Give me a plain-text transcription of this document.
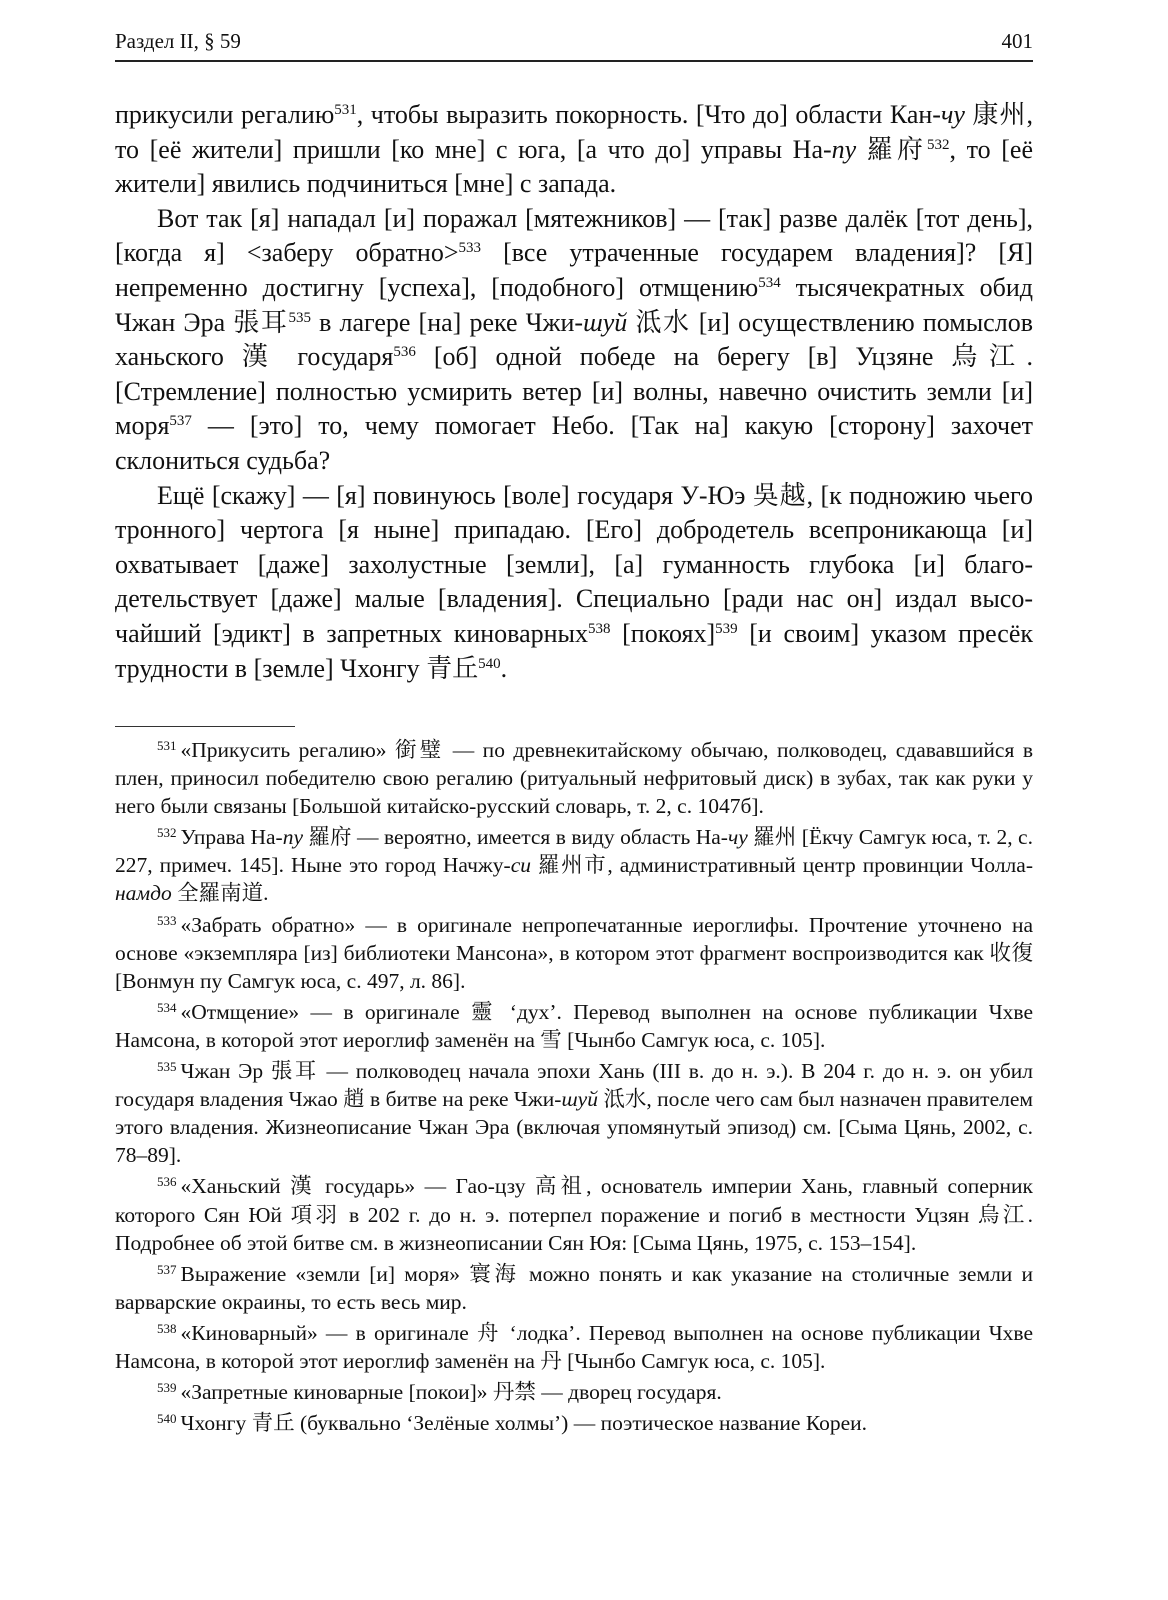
Раздел II, § 59	401

прикусили регалию$^{531}$, чтобы выразить покорность. [Что до] области Кан-чу 康州, то [её жители] пришли [ко мне] с юга, [а что до] управы На-пу 羅府$^{532}$, то [её жители] явились подчиниться [мне] с запада.

Вот так [я] нападал [и] поражал [мятежников] — [так] разве далёк [тот день], [когда я] <заберу обратно>$^{533}$ [все утраченные государем владения]? [Я] непременно достигну [успеха], [подобного] отмщению$^{534}$ тысячекратных обид Чжан Эра 張耳$^{535}$ в лагере [на] реке Чжи-шуй 泜水 [и] осуществлению помыслов ханьского 漢 государя$^{536}$ [об] одной победе на берегу [в] Уцзяне 烏江. [Стремление] полностью усмирить ветер [и] волны, навечно очистить земли [и] моря$^{537}$ — [это] то, чему помогает Небо. [Так на] какую [сторону] захочет склониться судьба?

Ещё [скажу] — [я] повинуюсь [воле] государя У-Юэ 吳越, [к подножию чьего тронного] чертога [я ныне] припадаю. [Его] добродетель всепроникающа [и] охватывает [даже] захолустные [земли], [а] гуманность глубока [и] благодетельствует [даже] малые [владения]. Специально [ради нас он] издал высочайший [эдикт] в запретных киноварных$^{538}$ [покоях]$^{539}$ [и своим] указом пресёк трудности в [земле] Чхонгу 青丘$^{540}$.

$^{531}$ «Прикусить регалию» 銜璧 — по древнекитайскому обычаю, полководец, сдававшийся в плен, приносил победителю свою регалию (ритуальный нефритовый диск) в зубах, так как руки у него были связаны [Большой китайско-русский словарь, т. 2, с. 1047б].

$^{532}$ Управа На-пу 羅府 — вероятно, имеется в виду область На-чу 羅州 [Ёкчу Самгук юса, т. 2, с. 227, примеч. 145]. Ныне это город Начжу-си 羅州市, административный центр провинции Чолла-намдо 全羅南道.

$^{533}$ «Забрать обратно» — в оригинале непропечатанные иероглифы. Прочтение уточнено на основе «экземпляра [из] библиотеки Мансона», в котором этот фрагмент воспроизводится как 收復 [Вонмун пу Самгук юса, с. 497, л. 86].

$^{534}$ «Отмщение» — в оригинале 靈 ‘дух’. Перевод выполнен на основе публикации Чхве Намсона, в которой этот иероглиф заменён на 雪 [Чынбо Самгук юса, с. 105].

$^{535}$ Чжан Эр 張耳 — полководец начала эпохи Хань (III в. до н. э.). В 204 г. до н. э. он убил государя владения Чжао 趙 в битве на реке Чжи-шуй 泜水, после чего сам был назначен правителем этого владения. Жизнеописание Чжан Эра (включая упомянутый эпизод) см. [Сыма Цянь, 2002, с. 78–89].

$^{536}$ «Ханьский 漢 государь» — Гао-цзу 高祖, основатель империи Хань, главный соперник которого Сян Юй 項羽 в 202 г. до н. э. потерпел поражение и погиб в местности Уцзян 烏江. Подробнее об этой битве см. в жизнеописании Сян Юя: [Сыма Цянь, 1975, с. 153–154].

$^{537}$ Выражение «земли [и] моря» 寰海 можно понять и как указание на столичные земли и варварские окраины, то есть весь мир.

$^{538}$ «Киноварный» — в оригинале 舟 ‘лодка’. Перевод выполнен на основе публикации Чхве Намсона, в которой этот иероглиф заменён на 丹 [Чынбо Самгук юса, с. 105].

$^{539}$ «Запретные киноварные [покои]» 丹禁 — дворец государя.

$^{540}$ Чхонгу 青丘 (буквально ‘Зелёные холмы’) — поэтическое название Кореи.
